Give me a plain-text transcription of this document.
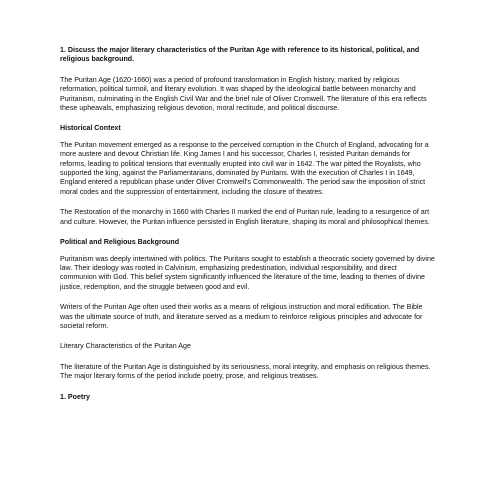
1. Discuss the major literary characteristics of the Puritan Age with reference to its historical, political, and religious background.

The Puritan Age (1620-1660) was a period of profound transformation in English history, marked by religious reformation, political turmoil, and literary evolution. It was shaped by the ideological battle between monarchy and Puritanism, culminating in the English Civil War and the brief rule of Oliver Cromwell. The literature of this era reflects these upheavals, emphasizing religious devotion, moral rectitude, and political discourse.

Historical Context

The Puritan movement emerged as a response to the perceived corruption in the Church of England, advocating for a more austere and devout Christian life. King James I and his successor, Charles I, resisted Puritan demands for reforms, leading to political tensions that eventually erupted into civil war in 1642. The war pitted the Royalists, who supported the king, against the Parliamentarians, dominated by Puritans. With the execution of Charles I in 1649, England entered a republican phase under Oliver Cromwell's Commonwealth. The period saw the imposition of strict moral codes and the suppression of entertainment, including the closure of theatres.

The Restoration of the monarchy in 1660 with Charles II marked the end of Puritan rule, leading to a resurgence of art and culture. However, the Puritan influence persisted in English literature, shaping its moral and philosophical themes.

Political and Religious Background

Puritanism was deeply intertwined with politics. The Puritans sought to establish a theocratic society governed by divine law. Their ideology was rooted in Calvinism, emphasizing predestination, individual responsibility, and direct communion with God. This belief system significantly influenced the literature of the time, leading to themes of divine justice, redemption, and the struggle between good and evil.

Writers of the Puritan Age often used their works as a means of religious instruction and moral edification. The Bible was the ultimate source of truth, and literature served as a medium to reinforce religious principles and advocate for societal reform.

Literary Characteristics of the Puritan Age

The literature of the Puritan Age is distinguished by its seriousness, moral integrity, and emphasis on religious themes. The major literary forms of the period include poetry, prose, and religious treatises.

1. Poetry
